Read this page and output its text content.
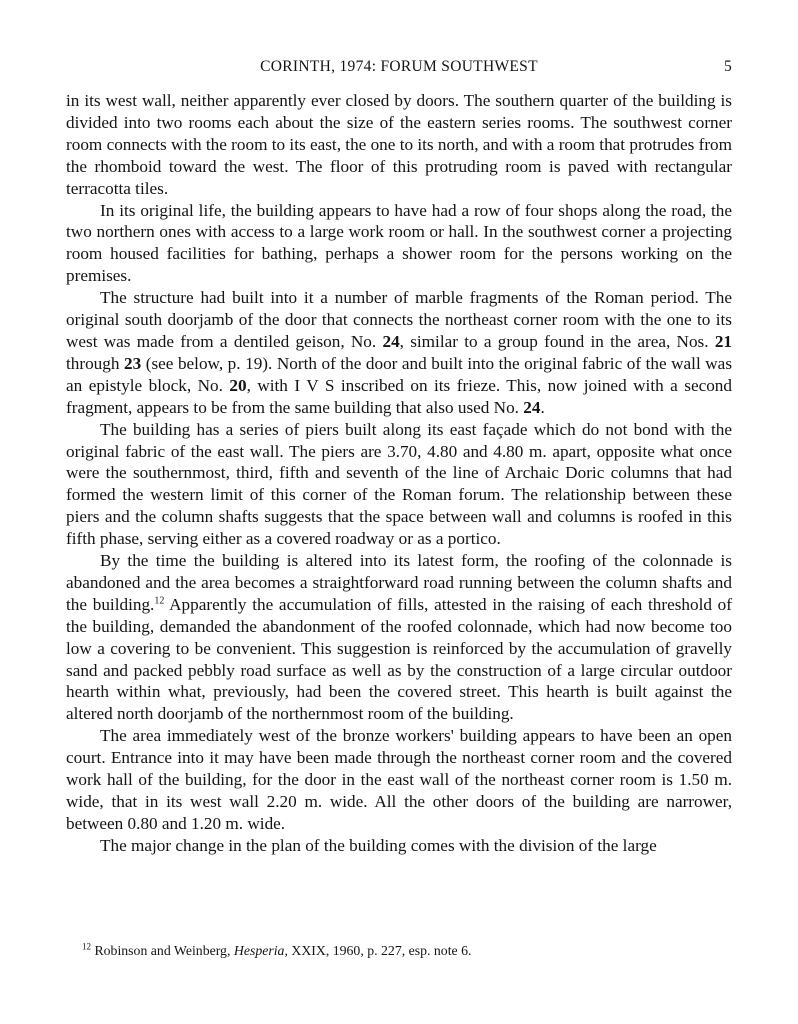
CORINTH, 1974: FORUM SOUTHWEST	5

in its west wall, neither apparently ever closed by doors. The southern quarter of the building is divided into two rooms each about the size of the eastern series rooms. The southwest corner room connects with the room to its east, the one to its north, and with a room that protrudes from the rhomboid toward the west. The floor of this protruding room is paved with rectangular terracotta tiles.

In its original life, the building appears to have had a row of four shops along the road, the two northern ones with access to a large work room or hall. In the southwest corner a projecting room housed facilities for bathing, perhaps a shower room for the persons working on the premises.

The structure had built into it a number of marble fragments of the Roman period. The original south doorjamb of the door that connects the northeast corner room with the one to its west was made from a dentiled geison, No. 24, similar to a group found in the area, Nos. 21 through 23 (see below, p. 19). North of the door and built into the original fabric of the wall was an epistyle block, No. 20, with I V S inscribed on its frieze. This, now joined with a second fragment, appears to be from the same building that also used No. 24.

The building has a series of piers built along its east façade which do not bond with the original fabric of the east wall. The piers are 3.70, 4.80 and 4.80 m. apart, opposite what once were the southernmost, third, fifth and seventh of the line of Archaic Doric columns that had formed the western limit of this corner of the Roman forum. The relationship between these piers and the column shafts suggests that the space between wall and columns is roofed in this fifth phase, serving either as a covered roadway or as a portico.

By the time the building is altered into its latest form, the roofing of the colonnade is abandoned and the area becomes a straightforward road running between the column shafts and the building.$^{12}$ Apparently the accumulation of fills, attested in the raising of each threshold of the building, demanded the abandonment of the roofed colonnade, which had now become too low a covering to be convenient. This suggestion is reinforced by the accumulation of gravelly sand and packed pebbly road surface as well as by the construction of a large circular outdoor hearth within what, previously, had been the covered street. This hearth is built against the altered north doorjamb of the northernmost room of the building.

The area immediately west of the bronze workers' building appears to have been an open court. Entrance into it may have been made through the northeast corner room and the covered work hall of the building, for the door in the east wall of the northeast corner room is 1.50 m. wide, that in its west wall 2.20 m. wide. All the other doors of the building are narrower, between 0.80 and 1.20 m. wide.

The major change in the plan of the building comes with the division of the large

$^{12}$ Robinson and Weinberg, Hesperia, XXIX, 1960, p. 227, esp. note 6.
